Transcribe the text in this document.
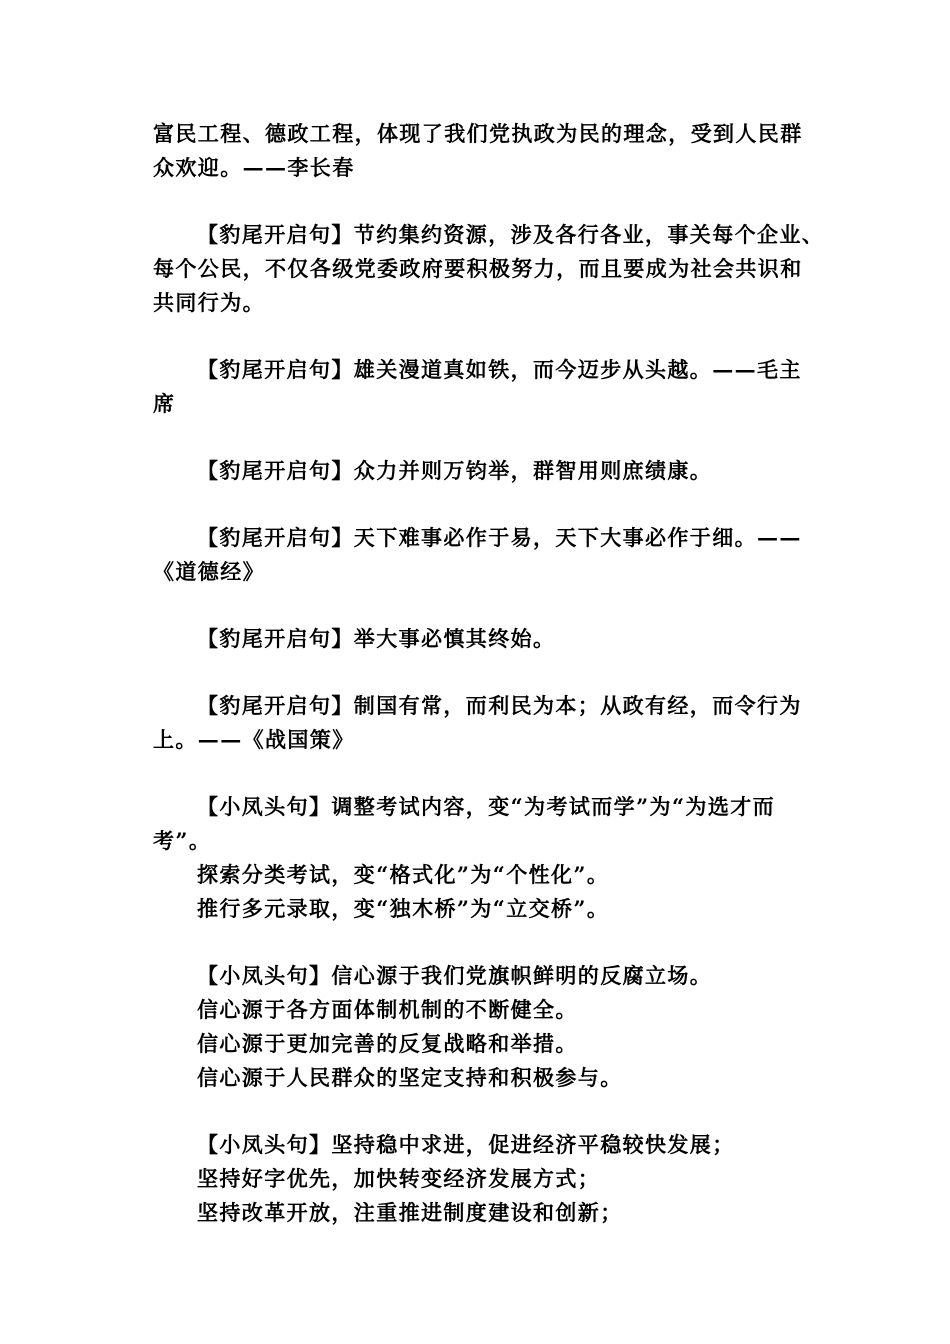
富民工程、德政工程，体现了我们党执政为民的理念，受到人民群
众欢迎。——李长春
【豹尾开启句】节约集约资源，涉及各行各业，事关每个企业、
每个公民，不仅各级党委政府要积极努力，而且要成为社会共识和
共同行为。
【豹尾开启句】雄关漫道真如铁，而今迈步从头越。——毛主
席
【豹尾开启句】众力并则万钧举，群智用则庶绩康。
【豹尾开启句】天下难事必作于易，天下大事必作于细。——
《道德经》
【豹尾开启句】举大事必慎其终始。
【豹尾开启句】制国有常，而利民为本；从政有经，而令行为
上。——《战国策》
【小凤头句】调整考试内容，变“为考试而学”为“为选才而
考”。
探索分类考试，变“格式化”为“个性化”。
推行多元录取，变“独木桥”为“立交桥”。
【小凤头句】信心源于我们党旗帜鲜明的反腐立场。
信心源于各方面体制机制的不断健全。
信心源于更加完善的反复战略和举措。
信心源于人民群众的坚定支持和积极参与。
【小凤头句】坚持稳中求进，促进经济平稳较快发展；
坚持好字优先，加快转变经济发展方式；
坚持改革开放，注重推进制度建设和创新；
